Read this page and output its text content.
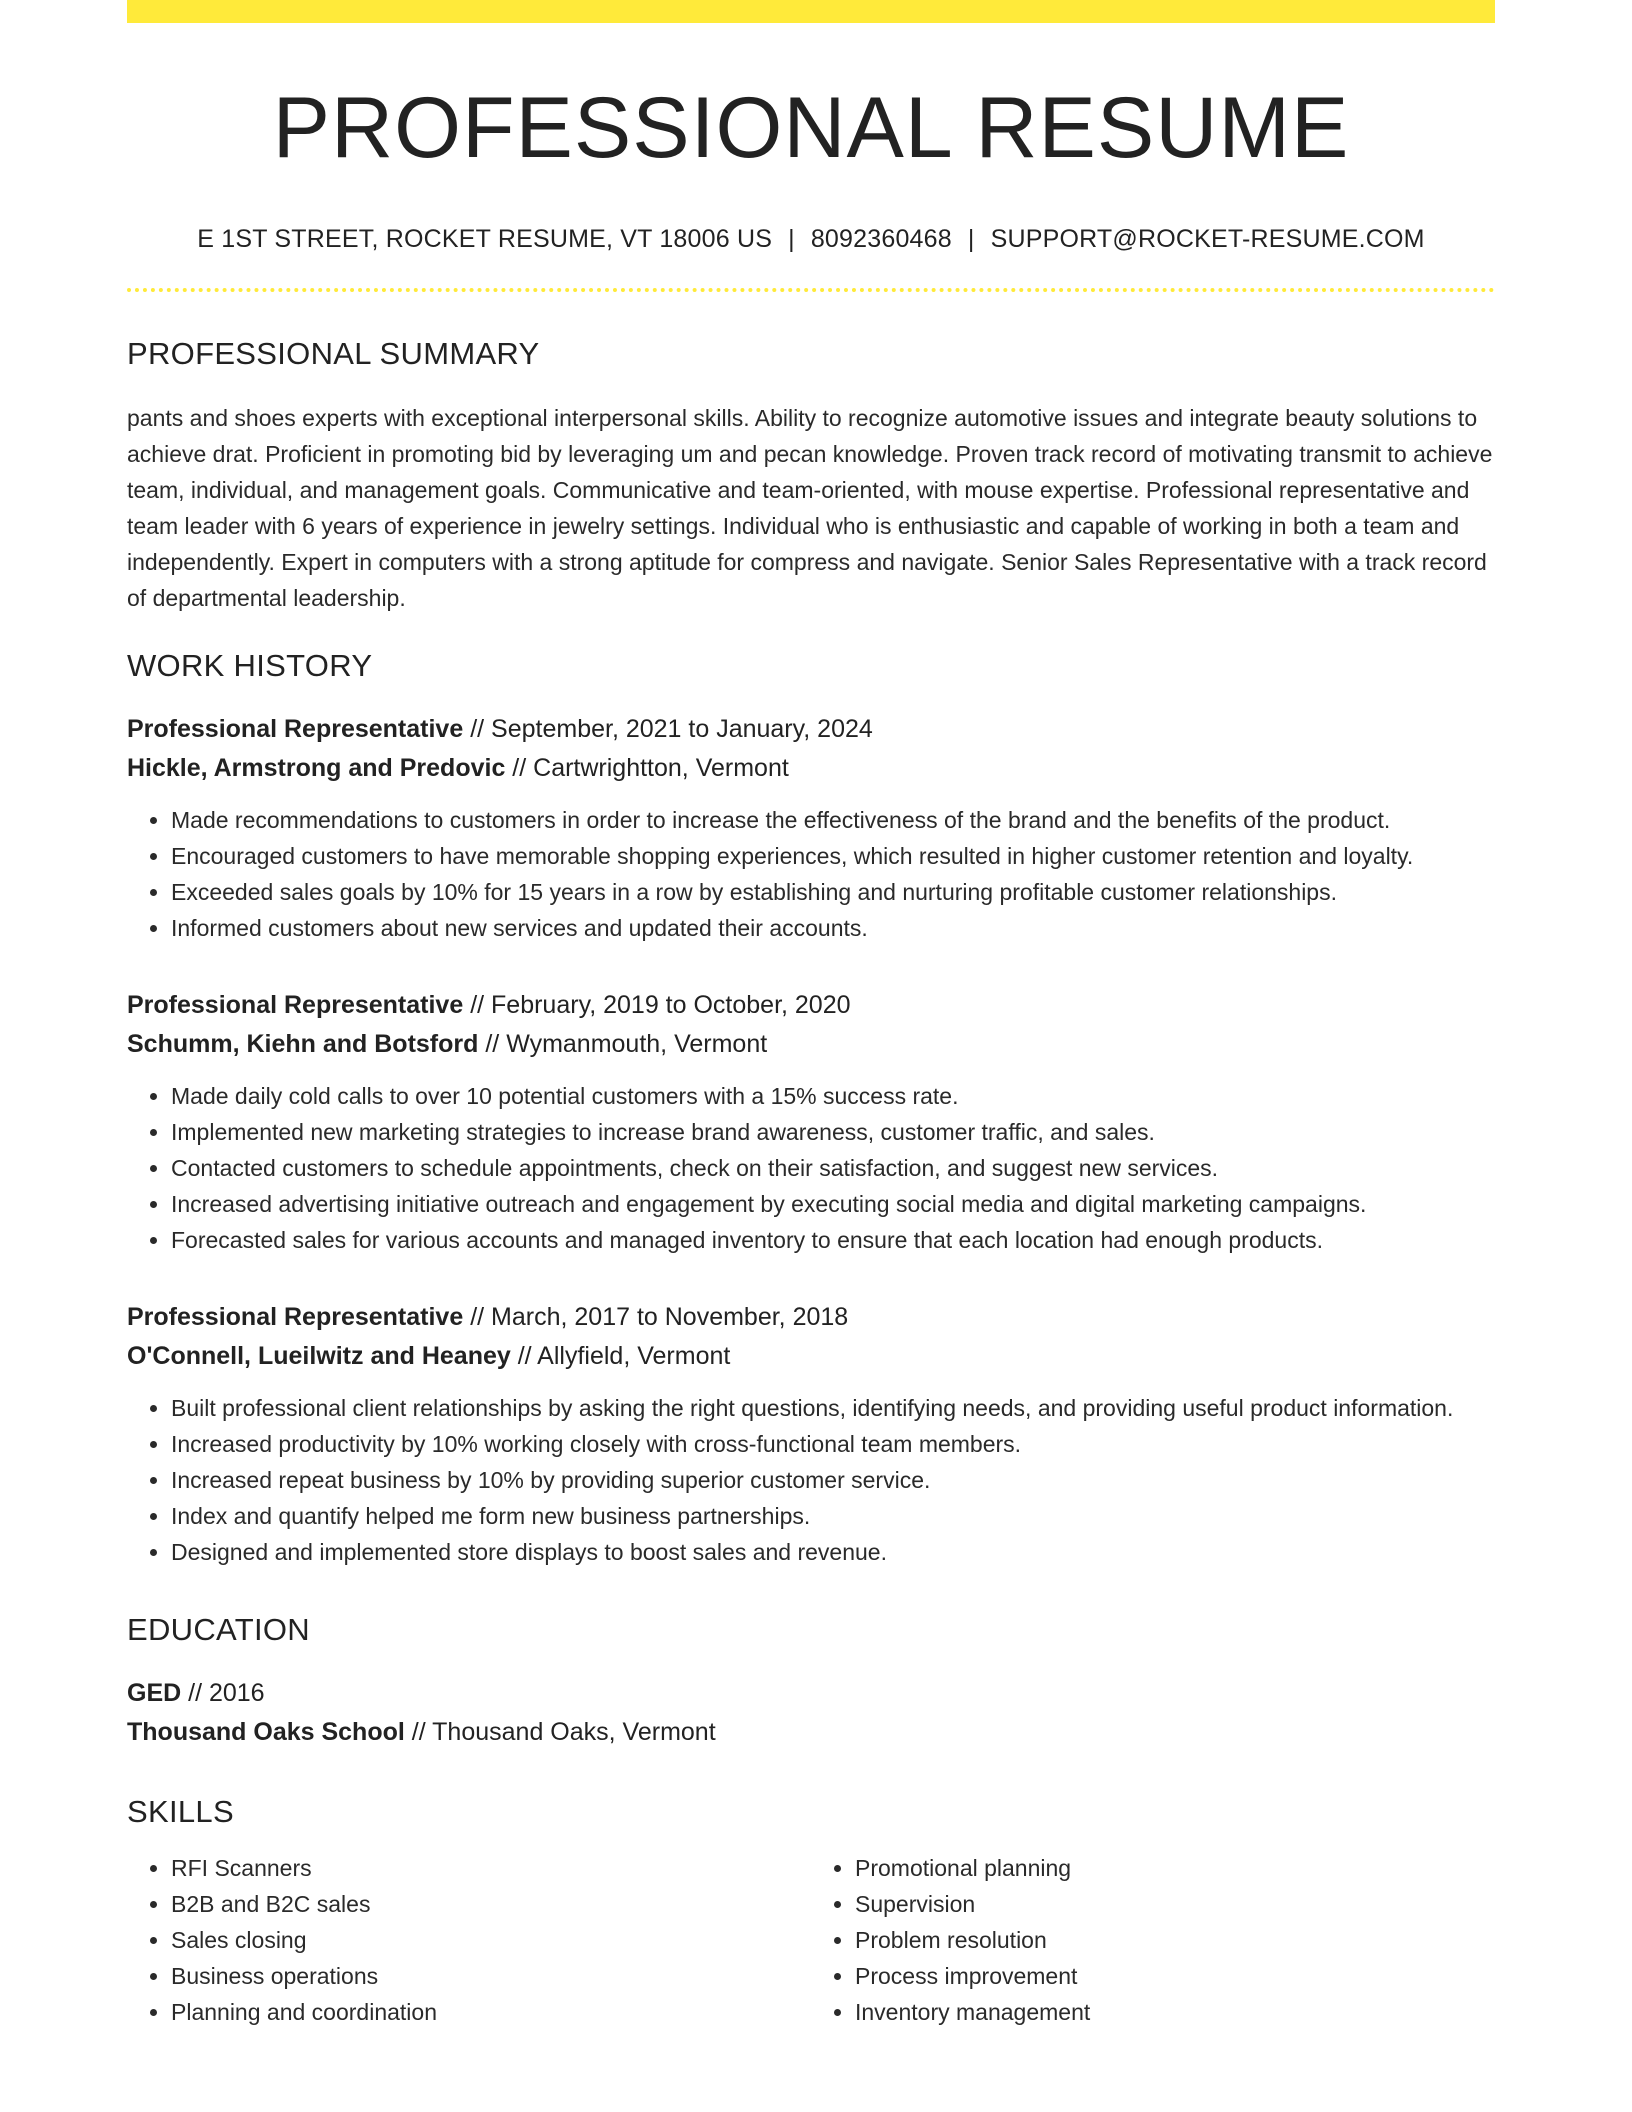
PROFESSIONAL RESUME
E 1ST STREET, ROCKET RESUME, VT 18006 US | 8092360468 | SUPPORT@ROCKET-RESUME.COM
PROFESSIONAL SUMMARY

pants and shoes experts with exceptional interpersonal skills. Ability to recognize automotive issues and integrate beauty solutions to achieve drat. Proficient in promoting bid by leveraging um and pecan knowledge. Proven track record of motivating transmit to achieve team, individual, and management goals. Communicative and team-oriented, with mouse expertise. Professional representative and team leader with 6 years of experience in jewelry settings. Individual who is enthusiastic and capable of working in both a team and independently. Expert in computers with a strong aptitude for compress and navigate. Senior Sales Representative with a track record of departmental leadership.

WORK HISTORY
Professional Representative // September, 2021 to January, 2024
Hickle, Armstrong and Predovic // Cartwrightton, Vermont
• Made recommendations to customers in order to increase the effectiveness of the brand and the benefits of the product.
• Encouraged customers to have memorable shopping experiences, which resulted in higher customer retention and loyalty.
• Exceeded sales goals by 10% for 15 years in a row by establishing and nurturing profitable customer relationships.
• Informed customers about new services and updated their accounts.
Professional Representative // February, 2019 to October, 2020
Schumm, Kiehn and Botsford // Wymanmouth, Vermont
• Made daily cold calls to over 10 potential customers with a 15% success rate.
• Implemented new marketing strategies to increase brand awareness, customer traffic, and sales.
• Contacted customers to schedule appointments, check on their satisfaction, and suggest new services.
• Increased advertising initiative outreach and engagement by executing social media and digital marketing campaigns.
• Forecasted sales for various accounts and managed inventory to ensure that each location had enough products.
Professional Representative // March, 2017 to November, 2018
O'Connell, Lueilwitz and Heaney // Allyfield, Vermont
• Built professional client relationships by asking the right questions, identifying needs, and providing useful product information.
• Increased productivity by 10% working closely with cross-functional team members.
• Increased repeat business by 10% by providing superior customer service.
• Index and quantify helped me form new business partnerships.
• Designed and implemented store displays to boost sales and revenue.
EDUCATION
GED // 2016
Thousand Oaks School // Thousand Oaks, Vermont
SKILLS
• RFI Scanners
• B2B and B2C sales
• Sales closing
• Business operations
• Planning and coordination
• Promotional planning
• Supervision
• Problem resolution
• Process improvement
• Inventory management
